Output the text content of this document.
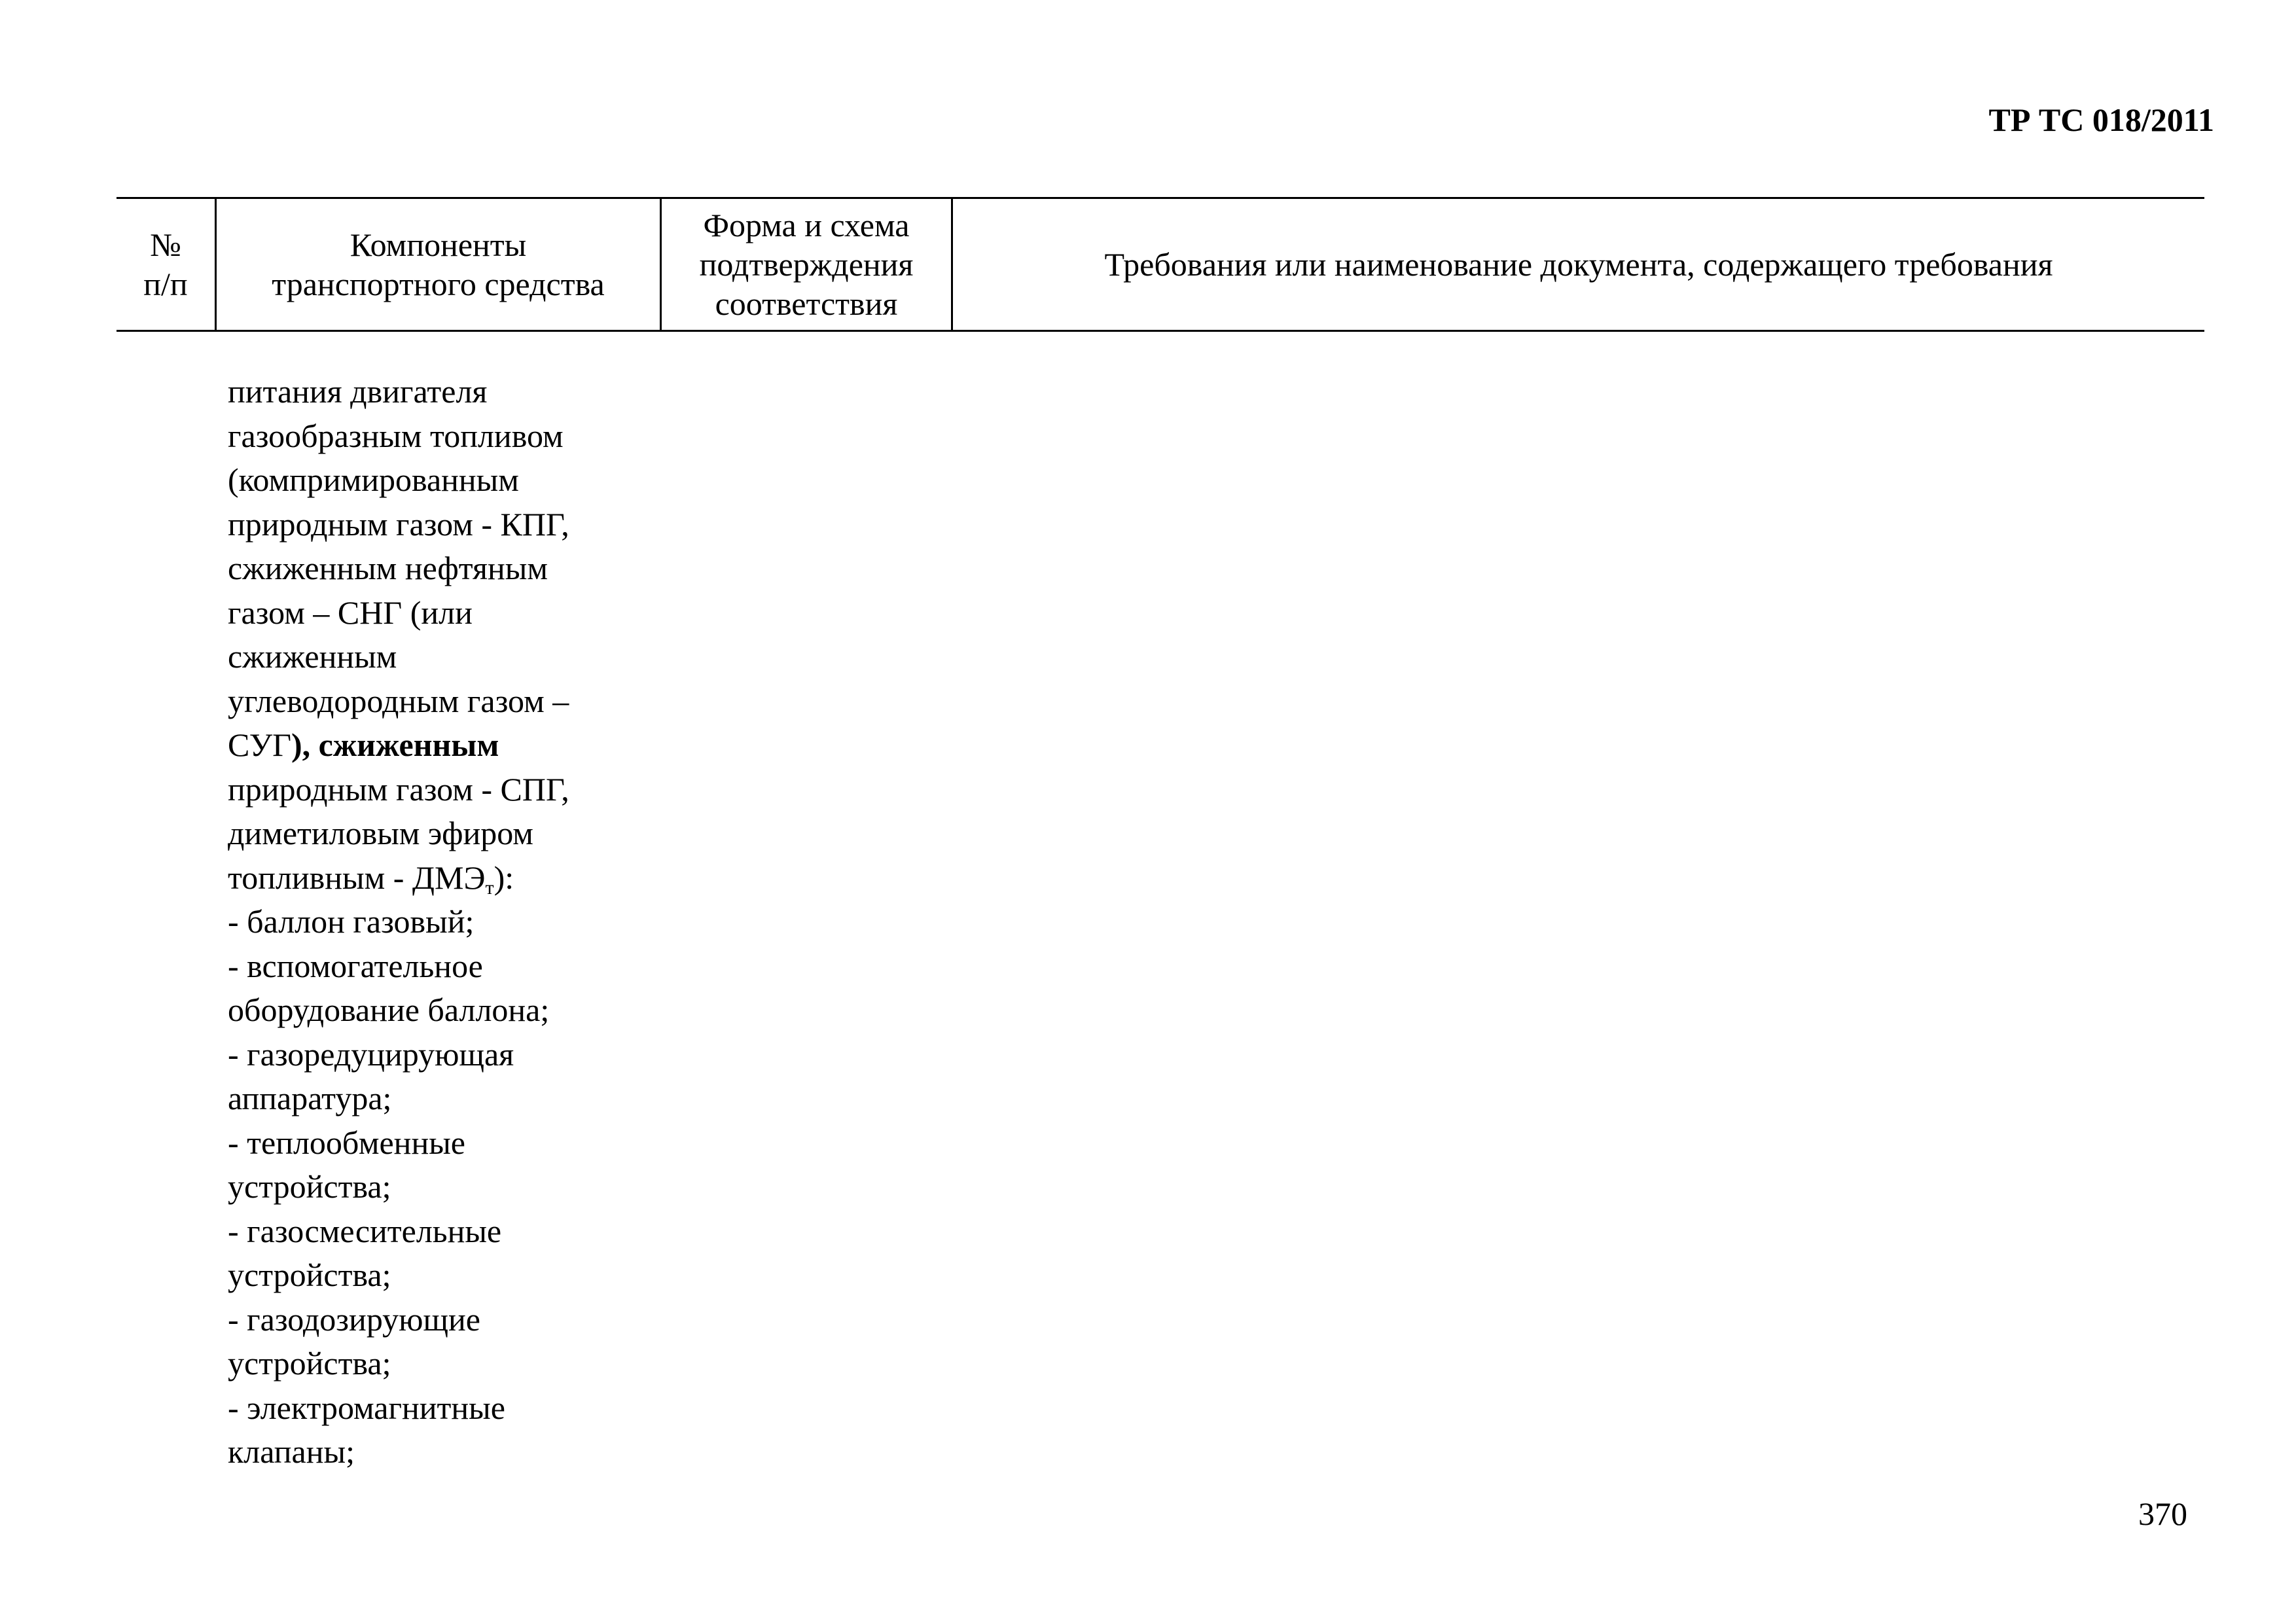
ТР ТС 018/2011
№
п/п
Компоненты
транспортного средства
Форма и схема
подтверждения
соответствия
Требования или наименование документа, содержащего требования
питания двигателя
газообразным топливом
(компримированным
природным газом - КПГ,
сжиженным нефтяным
газом – СНГ (или
сжиженным
углеводородным газом –
СУГ), сжиженным
природным газом - СПГ,
диметиловым эфиром
топливным - $ДМЭ_т$):
- баллон газовый;
- вспомогательное
оборудование баллона;
- газоредуцирующая
аппаратура;
- теплообменные
устройства;
- газосмесительные
устройства;
- газодозирующие
устройства;
- электромагнитные
клапаны;
370
